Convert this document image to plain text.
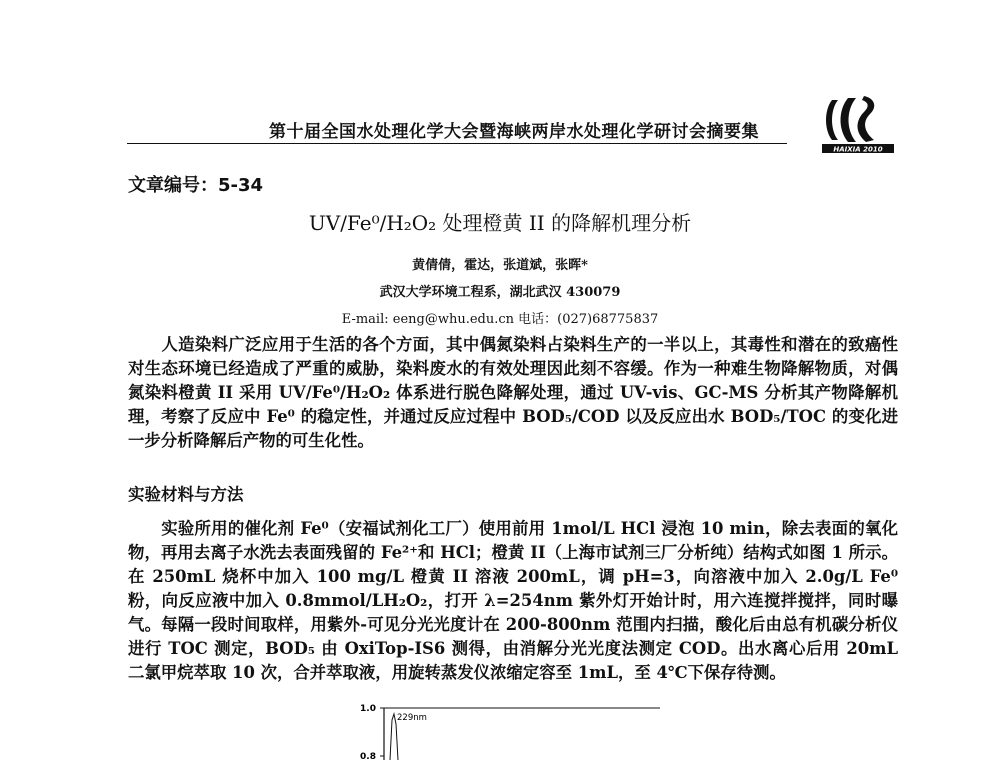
第十届全国水处理化学大会暨海峡两岸水处理化学研讨会摘要集
HAIXIA 2010
文章编号：5-34
UV/Fe⁰/H₂O₂ 处理橙黄 II 的降解机理分析
黄倩倩，霍达，张道斌，张晖*
武汉大学环境工程系，湖北武汉 430079
E-mail: eeng@whu.edu.cn 电话：(027)68775837
人造染料广泛应用于生活的各个方面，其中偶氮染料占染料生产的一半以上，其毒性和潜在的致癌性对生态环境已经造成了严重的威胁，染料废水的有效处理因此刻不容缓。作为一种难生物降解物质，对偶氮染料橙黄 II 采用 UV/Fe⁰/H₂O₂ 体系进行脱色降解处理，通过 UV-vis、GC-MS 分析其产物降解机理，考察了反应中 Fe⁰ 的稳定性，并通过反应过程中 BOD₅/COD 以及反应出水 BOD₅/TOC 的变化进一步分析降解后产物的可生化性。
实验材料与方法
实验所用的催化剂 Fe⁰（安福试剂化工厂）使用前用 1mol/L HCl 浸泡 10 min，除去表面的氧化物，再用去离子水洗去表面残留的 Fe²⁺和 HCl；橙黄 II（上海市试剂三厂分析纯）结构式如图 1 所示。在 250mL 烧杯中加入 100 mg/L 橙黄 II 溶液 200mL，调 pH=3，向溶液中加入 2.0g/L Fe⁰ 粉，向反应液中加入 0.8mmol/LH₂O₂，打开 λ=254nm 紫外灯开始计时，用六连搅拌搅拌，同时曝气。每隔一段时间取样，用紫外-可见分光光度计在 200-800nm 范围内扫描，酸化后由总有机碳分析仪进行 TOC 测定，BOD₅ 由 OxiTop-IS6 测得，由消解分光光度法测定 COD。出水离心后用 20mL 二氯甲烷萃取 10 次，合并萃取液，用旋转蒸发仪浓缩定容至 1mL，至 4℃下保存待测。
1.0
0.8
229nm
